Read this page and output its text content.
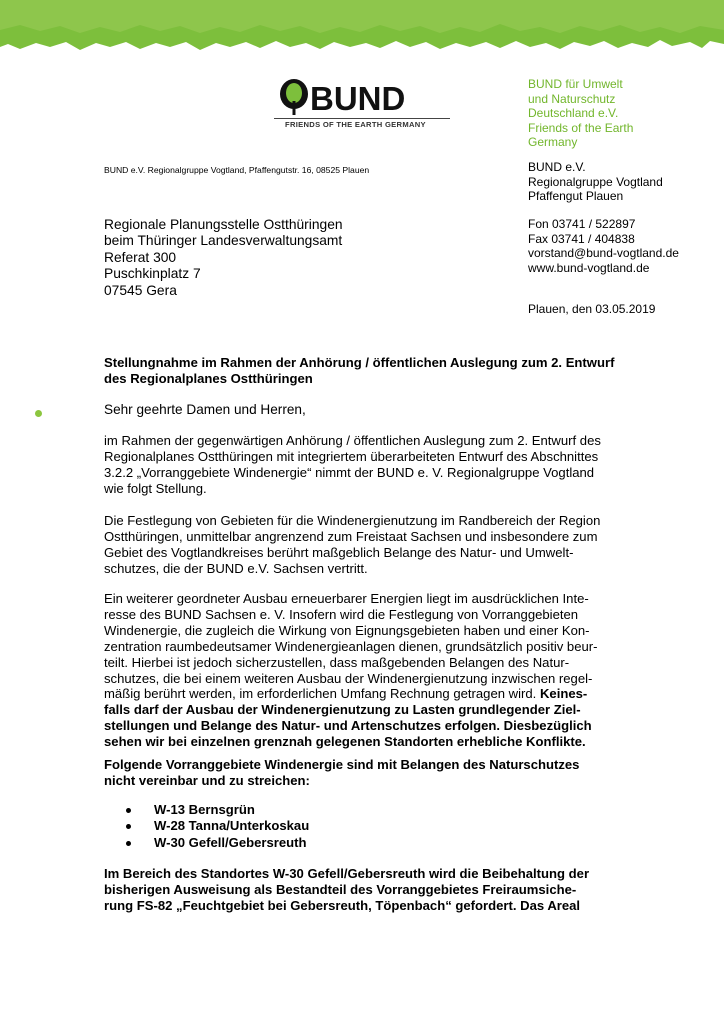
BUND
FRIENDS OF THE EARTH GERMANY
BUND für Umwelt
und Naturschutz
Deutschland e.V.
Friends of the Earth
Germany
BUND e.V.
Regionalgruppe Vogtland
Pfaffengut Plauen
Fon 03741 / 522897
Fax 03741 / 404838
vorstand@bund-vogtland.de
www.bund-vogtland.de
Plauen, den 03.05.2019
BUND e.V. Regionalgruppe Vogtland, Pfaffengutstr. 16, 08525 Plauen
Regionale Planungsstelle Ostthüringen
beim Thüringer Landesverwaltungsamt
Referat 300
Puschkinplatz 7
07545 Gera
Stellungnahme im Rahmen der Anhörung / öffentlichen Auslegung zum 2. Entwurf
des Regionalplanes Ostthüringen
Sehr geehrte Damen und Herren,
im Rahmen der gegenwärtigen Anhörung / öffentlichen Auslegung zum 2. Entwurf des
Regionalplanes Ostthüringen mit integriertem überarbeiteten Entwurf des Abschnittes
3.2.2 „Vorranggebiete Windenergie“ nimmt der BUND e. V. Regionalgruppe Vogtland
wie folgt Stellung.
Die Festlegung von Gebieten für die Windenergienutzung im Randbereich der Region
Ostthüringen, unmittelbar angrenzend zum Freistaat Sachsen und insbesondere zum
Gebiet des Vogtlandkreises berührt maßgeblich Belange des Natur- und Umwelt-
schutzes, die der BUND e.V. Sachsen vertritt.
Ein weiterer geordneter Ausbau erneuerbarer Energien liegt im ausdrücklichen Inte-
resse des BUND Sachsen e. V. Insofern wird die Festlegung von Vorranggebieten
Windenergie, die zugleich die Wirkung von Eignungsgebieten haben und einer Kon-
zentration raumbedeutsamer Windenergieanlagen dienen, grundsätzlich positiv beur-
teilt. Hierbei ist jedoch sicherzustellen, dass maßgebenden Belangen des Natur-
schutzes, die bei einem weiteren Ausbau der Windenergienutzung inzwischen regel-
mäßig berührt werden, im erforderlichen Umfang Rechnung getragen wird. Keines-
falls darf der Ausbau der Windenergienutzung zu Lasten grundlegender Ziel-
stellungen und Belange des Natur- und Artenschutzes erfolgen. Diesbezüglich
sehen wir bei einzelnen grenznah gelegenen Standorten erhebliche Konflikte.
Folgende Vorranggebiete Windenergie sind mit Belangen des Naturschutzes
nicht vereinbar und zu streichen:
W-13 Bernsgrün
W-28 Tanna/Unterkoskau
W-30 Gefell/Gebersreuth
Im Bereich des Standortes W-30 Gefell/Gebersreuth wird die Beibehaltung der
bisherigen Ausweisung als Bestandteil des Vorranggebietes Freiraumsiche-
rung FS-82 „Feuchtgebiet bei Gebersreuth, Töpenbach“ gefordert. Das Areal
